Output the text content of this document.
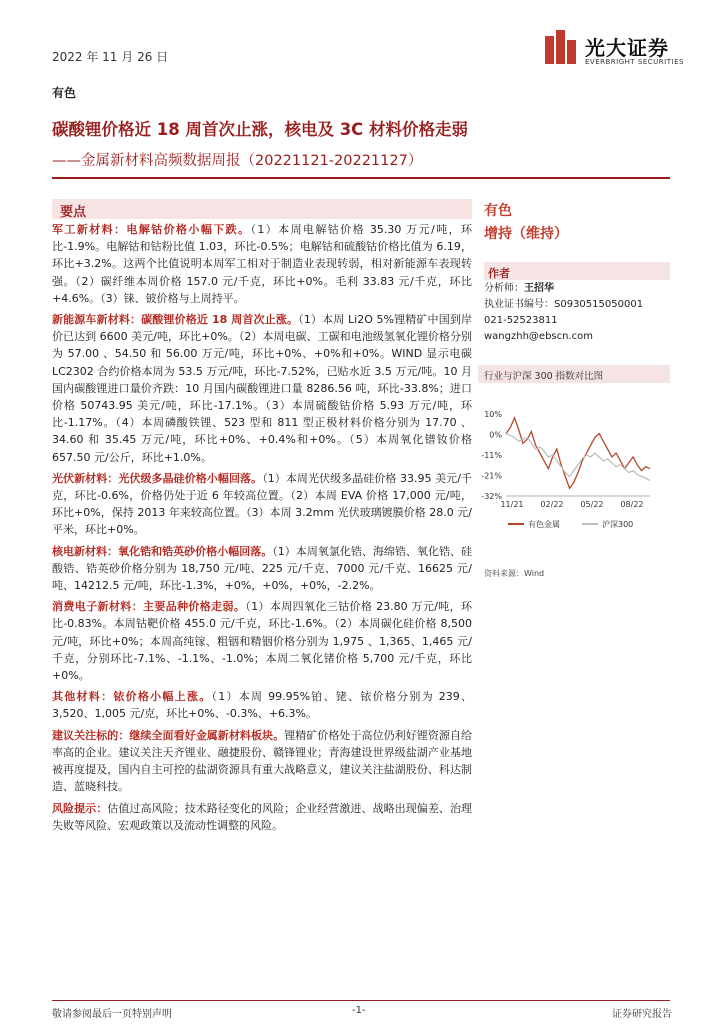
2022 年 11 月 26 日	光大证券
EVERBRIGHT SECURITIES
有色
碳酸锂价格近 18 周首次止涨，核电及 3C 材料价格走弱
——金属新材料高频数据周报（20221121-20221127）
要点

军工新材料：电解钴价格小幅下跌。（1）本周电解钴价格 35.30 万元/吨，环比-1.9%。电解钴和钴粉比值 1.03，环比-0.5%；电解钴和硫酸钴价格比值为 6.19，环比+3.2%。这两个比值说明本周军工相对于制造业表现转弱，相对新能源车表现转强。（2）碳纤维本周价格 157.0 元/千克，环比+0%。毛利 33.83 元/千克，环比+4.6%。（3）铼、铍价格与上周持平。

新能源车新材料：碳酸锂价格近 18 周首次止涨。（1）本周 Li2O 5%锂精矿中国到岸价已达到 6600 美元/吨，环比+0%。（2）本周电碳、工碳和电池级氢氧化锂价格分别为 57.00 、54.50 和 56.00 万元/吨，环比+0%、+0%和+0%。WIND 显示电碳 LC2302 合约价格本周为 53.5 万元/吨，环比-7.52%，已贴水近 3.5 万元/吨。10 月国内碳酸锂进口量价齐跌：10 月国内碳酸锂进口量 8286.56 吨，环比-33.8%；进口价格 50743.95 美元/吨，环比-17.1%。（3）本周硫酸钴价格 5.93 万元/吨，环比-1.17%。（4）本周磷酸铁锂、523 型和 811 型正极材料价格分别为 17.70 、34.60 和 35.45 万元/吨，环比+0%、+0.4%和+0%。（5）本周氧化镨钕价格 657.50 元/公斤，环比+1.0%。

光伏新材料：光伏级多晶硅价格小幅回落。（1）本周光伏级多晶硅价格 33.95 美元/千克，环比-0.6%，价格仍处于近 6 年较高位置。（2）本周 EVA 价格 17,000 元/吨，环比+0%，保持 2013 年来较高位置。（3）本周 3.2mm 光伏玻璃镀膜价格 28.0 元/平米，环比+0%。

核电新材料：氧化锆和锆英砂价格小幅回落。（1）本周氧氯化锆、海绵锆、氧化锆、硅酸锆、锆英砂价格分别为 18,750 元/吨、225 元/千克、7000 元/千克、16625 元/吨、14212.5 元/吨，环比-1.3%，+0%，+0%，+0%，-2.2%。

消费电子新材料：主要品种价格走弱。（1）本周四氧化三钴价格 23.80 万元/吨，环比-0.83%。本周钴靶价格 455.0 元/千克，环比-1.6%。（2）本周碳化硅价格 8,500 元/吨，环比+0%；本周高纯镓、粗铟和精铟价格分别为 1,975 、1,365、1,465 元/千克，分别环比-7.1%、-1.1%、-1.0%；本周二氧化锗价格 5,700 元/千克，环比+0%。

其他材料：铱价格小幅上涨。（1）本周 99.95%铂、铑、铱价格分别为 239、3,520、1,005 元/克，环比+0%、-0.3%、+6.3%。

建议关注标的：继续全面看好金属新材料板块。锂精矿价格处于高位仍利好锂资源自给率高的企业。建议关注天齐锂业、融捷股份、赣锋锂业；青海建设世界级盐湖产业基地被再度提及，国内自主可控的盐湖资源具有重大战略意义，建议关注盐湖股份、科达制造、蓝晓科技。

风险提示：估值过高风险；技术路径变化的风险；企业经营激进、战略出现偏差、治理失败等风险、宏观政策以及流动性调整的风险。

有色
增持（维持）
作者
分析师：王招华
执业证书编号：S0930515050001
021-52523811
wangzhh@ebscn.com
行业与沪深 300 指数对比图
10%
0%
-11%
-21%
-32%
11/21 02/22 05/22 08/22
有色金属	沪深300
资料来源：Wind
敬请参阅最后一页特别声明	-1-	证券研究报告
